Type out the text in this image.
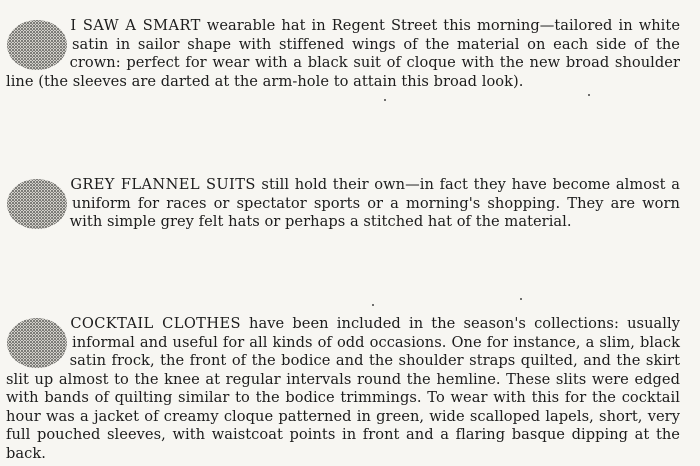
I SAW A SMART wearable hat in Regent Street this morning—tailored in white satin in sailor shape with stiffened wings of the material on each side of the crown: perfect for wear with a black suit of cloque with the new broad shoulder line (the sleeves are darted at the arm-hole to attain this broad look).
GREY FLANNEL SUITS still hold their own—in fact they have become almost a uniform for races or spectator sports or a morning's shopping. They are worn with simple grey felt hats or perhaps a stitched hat of the material.
COCKTAIL CLOTHES have been included in the season's collections: usually informal and useful for all kinds of odd occasions. One for instance, a slim, black satin frock, the front of the bodice and the shoulder straps quilted, and the skirt slit up almost to the knee at regular intervals round the hemline. These slits were edged with bands of quilting similar to the bodice trimmings. To wear with this for the cocktail hour was a jacket of creamy cloque patterned in green, wide scalloped lapels, short, very full pouched sleeves, with waistcoat points in front and a flaring basque dipping at the back.
